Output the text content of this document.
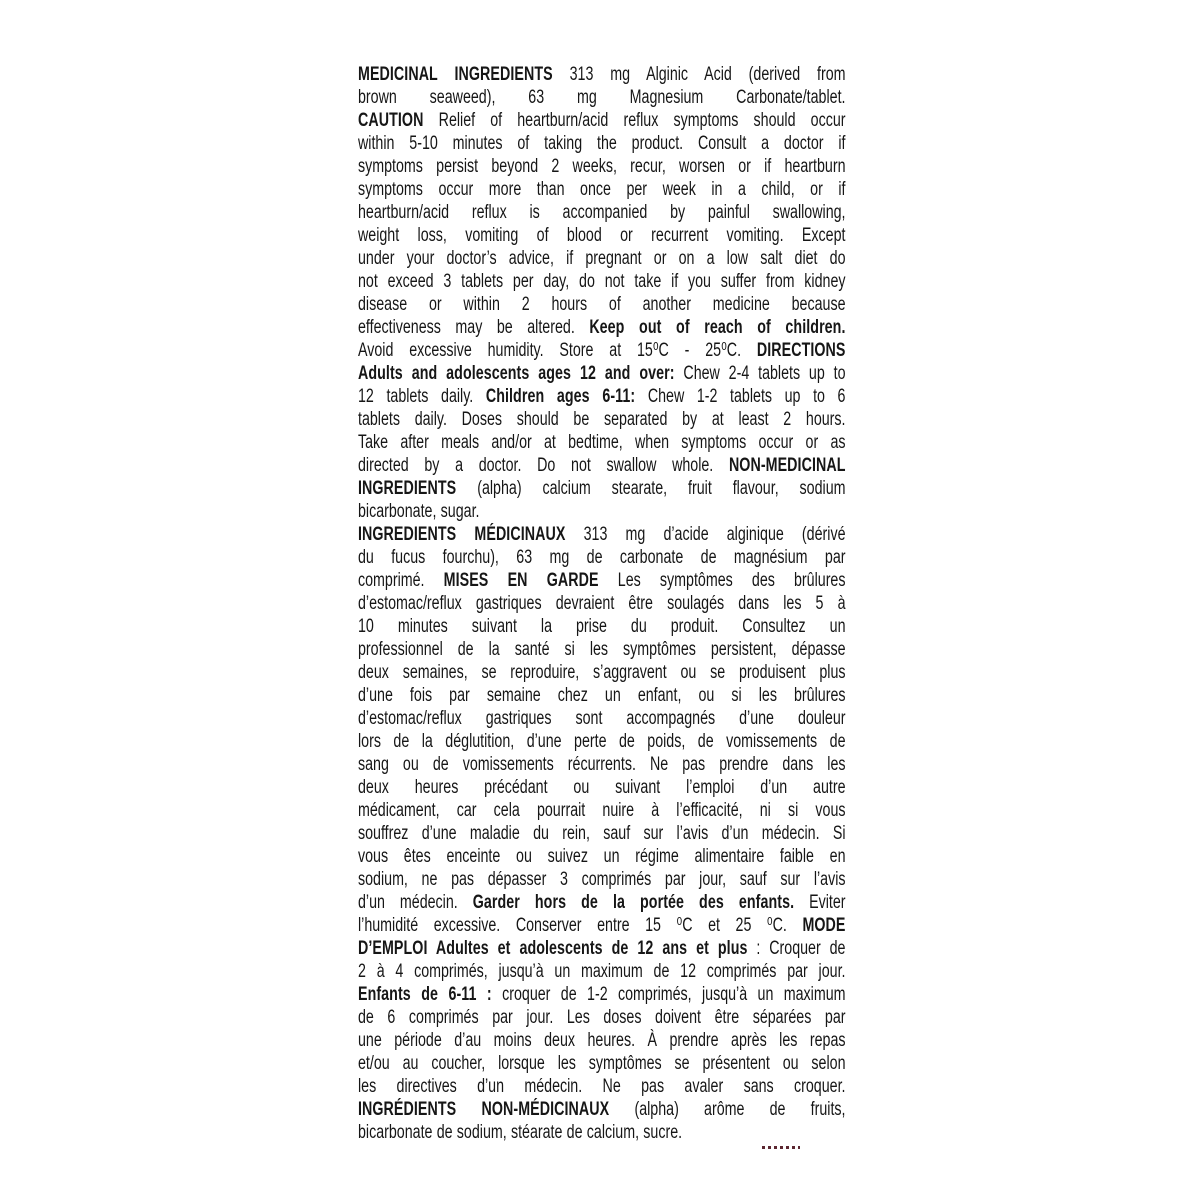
MEDICINAL INGREDIENTS 313 mg Alginic Acid (derived from
brown seaweed), 63 mg Magnesium Carbonate/tablet.
CAUTION Relief of heartburn/acid reflux symptoms should occur
within 5-10 minutes of taking the product. Consult a doctor if
symptoms persist beyond 2 weeks, recur, worsen or if heartburn
symptoms occur more than once per week in a child, or if
heartburn/acid reflux is accompanied by painful swallowing,
weight loss, vomiting of blood or recurrent vomiting. Except
under your doctor’s advice, if pregnant or on a low salt diet do
not exceed 3 tablets per day, do not take if you suffer from kidney
disease or within 2 hours of another medicine because
effectiveness may be altered. Keep out of reach of children.
Avoid excessive humidity. Store at 15⁰C - 25⁰C. DIRECTIONS
Adults and adolescents ages 12 and over: Chew 2-4 tablets up to
12 tablets daily. Children ages 6-11: Chew 1-2 tablets up to 6
tablets daily. Doses should be separated by at least 2 hours.
Take after meals and/or at bedtime, when symptoms occur or as
directed by a doctor. Do not swallow whole. NON-MEDICINAL
INGREDIENTS (alpha) calcium stearate, fruit flavour, sodium
bicarbonate, sugar.
INGREDIENTS MÉDICINAUX 313 mg d’acide alginique (dérivé
du fucus fourchu), 63 mg de carbonate de magnésium par
comprimé. MISES EN GARDE Les symptômes des brûlures
d’estomac/reflux gastriques devraient être soulagés dans les 5 à
10 minutes suivant la prise du produit. Consultez un
professionnel de la santé si les symptômes persistent, dépasse
deux semaines, se reproduire, s’aggravent ou se produisent plus
d’une fois par semaine chez un enfant, ou si les brûlures
d’estomac/reflux gastriques sont accompagnés d’une douleur
lors de la déglutition, d’une perte de poids, de vomissements de
sang ou de vomissements récurrents. Ne pas prendre dans les
deux heures précédant ou suivant l’emploi d’un autre
médicament, car cela pourrait nuire à l’efficacité, ni si vous
souffrez d’une maladie du rein, sauf sur l’avis d’un médecin. Si
vous êtes enceinte ou suivez un régime alimentaire faible en
sodium, ne pas dépasser 3 comprimés par jour, sauf sur l’avis
d’un médecin. Garder hors de la portée des enfants. Eviter
l’humidité excessive. Conserver entre 15 ⁰C et 25 ⁰C. MODE
D’EMPLOI Adultes et adolescents de 12 ans et plus : Croquer de
2 à 4 comprimés, jusqu’à un maximum de 12 comprimés par jour.
Enfants de 6-11 : croquer de 1-2 comprimés, jusqu’à un maximum
de 6 comprimés par jour. Les doses doivent être séparées par
une période d’au moins deux heures. À prendre après les repas
et/ou au coucher, lorsque les symptômes se présentent ou selon
les directives d’un médecin. Ne pas avaler sans croquer.
INGRÉDIENTS NON-MÉDICINAUX (alpha) arôme de fruits,
bicarbonate de sodium, stéarate de calcium, sucre.
